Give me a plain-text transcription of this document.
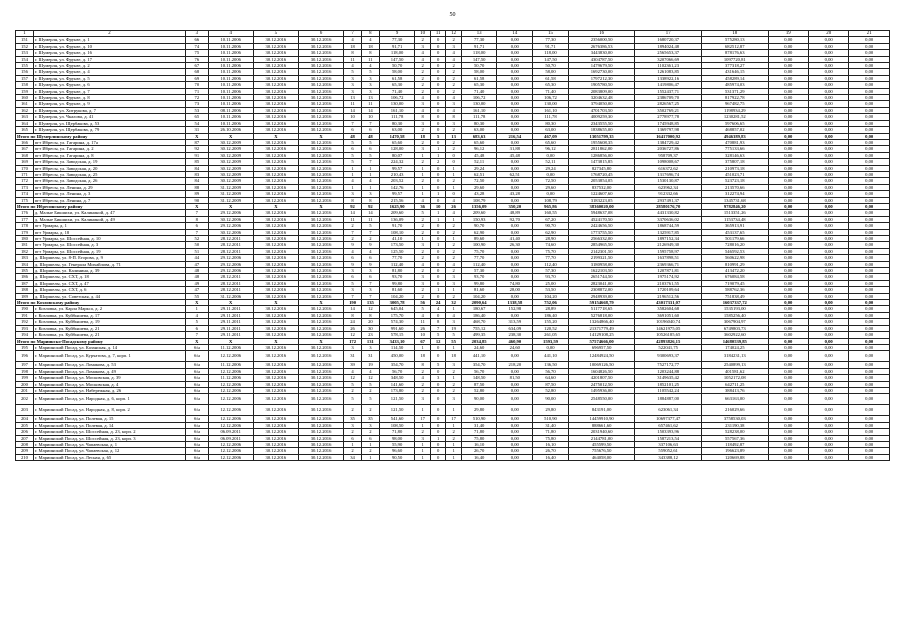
50
1	2	3	4	5	6	7	8	9	10	11	12	13	14	15	16	17	18	19	20	21
151	г. Шумерля, ул. Фрунзе, д. 1	66	10.11.2006	30.12.2016	30.12.2016	4	4	77,30	2	0	2	77,30	0,00	77,30	2356000,50	1680720,37	575280,13	0,00	0,00	0,00
152	г. Шумерля, ул. Фрунзе, д. 10	74	10.11.2006	30.12.2016	30.12.2016	18	18	91,71	3	0	3	91,71	0,00	91,71	2676386,53	1894024,48	682512,87	0,00	0,00	0,00
153	г. Шумерля, ул. Фрунзе, д. 16	75	10.11.2006	30.12.2016	30.12.2016	8	8	118,00	4	0	4	118,00	0,00	118,00	3443830,00	2565653,37	878176,63	0,00	0,00	0,00
154	г. Шумерля, ул. Фрунзе, д. 17	76	10.11.2006	30.12.2016	30.12.2016	11	11	147,50	4	0	4	147,50	0,00	147,50	4304787,50	3207066,69	1097720,81	0,00	0,00	0,00
155	г. Шумерля, ул. Фрунзе, д. 2	67	10.11.2006	30.12.2016	30.12.2016	4	4	50,70	2	0	2	50,70	0,00	50,70	1479679,50	1102361,23	377318,27	0,00	0,00	0,00
156	г. Шумерля, ул. Фрунзе, д. 4	68	10.11.2006	30.12.2016	30.12.2016	5	5	58,00	2	0	2	58,00	0,00	58,00	1692730,00	1261083,85	431646,15	0,00	0,00	0,00
157	г. Шумерля, ул. Фрунзе, д. 5	69	10.11.2006	30.12.2016	30.12.2016	3	3	61,58	2	0	2	61,58	0,00	61,58	1797212,30	1338922,16	458289,14	0,00	0,00	0,00
158	г. Шумерля, ул. Фрунзе, д. 6	70	10.11.2006	30.12.2016	30.12.2016	3	3	65,30	2	0	2	65,30	0,00	65,30	1905780,50	1419806,47	485974,03	0,00	0,00	0,00
159	г. Шумерля, ул. Фрунзе, д. 7	71	10.11.2006	30.12.2016	30.12.2016	3	3	71,40	2	0	2	71,40	0,00	71,40	2083809,00	1552437,71	531371,29	0,00	0,00	0,00
160	г. Шумерля, ул. Фрунзе, д. 8	72	10.11.2006	30.12.2016	30.12.2016	13	13	106,72	4	0	4	106,72	0,00	106,72	3204632,48	2386709,70	817922,78	0,00	0,00	0,00
161	г. Шумерля, ул. Фрунзе, д. 9	73	10.11.2006	30.12.2016	30.12.2016	11	11	130,00	3	0	3	130,00	0,00	130,00	3794050,00	2826567,25	967482,75	0,00	0,00	0,00
162	г. Шумерля, ул. Хитрукова, д. 7	53	08.11.2006	30.12.2016	30.12.2016	14	14	161,10	4	0	4	161,10	0,00	161,10	4701703,50	3502769,21	1198934,29	0,00	0,00	0,00
163	г. Шумерля, ул. Чкалова, д. 41	65	10.11.2006	30.12.2016	30.12.2016	10	10	111,78	8	0	8	111,78	0,00	111,78	4009259,30	2778977,78	1230281,52	0,00	0,00	0,00
164	г. Шумерля, ул. Щербакова, д. 53	54	10.11.2006	30.12.2016	30.12.2016	7	7	80,30	3	0	3	80,30	0,00	80,30	2343555,50	1745948,85	597606,65	0,00	0,00	0,00
165	г. Шумерля, ул. Щербакова, д. 79	31	26.10.2006	30.12.2016	30.12.2016	6	6	63,00	2	0	2	63,00	0,00	63,00	1838655,00	1369797,98	468857,02	0,00	0,00	0,00
Итого по Шумерлинскому району		X	X	X	X	48	48	1470,58	18	5	13	683,63	216,54	467,09	13051799,35	16417000,92	4946389,83	0,00	0,00	0,00
166	пгт Ибресы, ул. Гагарина, д. 17а	87	30.12.2009	30.12.2016	30.12.2016	5	5	65,60	2	0	2	65,60	0,00	65,60	1955608,35	1384729,42	470881,93	0,00	0,00	0,00
167	пгт Ибресы, ул. Гагарина, д. 2	92	30.12.2009	30.12.2016	30.12.2016	6	6	128,00	3	1	2	96,12	31,88	96,12	2811862,00	2036727,86	775133,66	0,00	0,00	0,00
168	пгт Ибресы, ул. Гагарина, д. 8	91	30.12.2009	30.12.2016	30.12.2016	5	5	80,07	1	1	0	45,48	45,48	0,00	1286856,00	958709,37	328146,63	0,00	0,00	0,00
169	пгт Ибресы, ул. Заводская, д. 19	85	30.12.2009	30.12.2016	30.12.2016	5	7	224,32	2	2	0	52,11	0,00	52,11	1473815,85	1098008,67	375807,18	0,00	0,00	0,00
170	пгт Ибресы, ул. Заводская, д. 20	84	30.12.2009	30.12.2016	30.12.2016	1	1	99,57	1	0	1	29,24	0,00	29,24	827345,80	616372,62	210973,18	0,00	0,00	0,00
171	пгт Ибресы, ул. Заводская, д. 25	83	30.12.2009	30.12.2016	30.12.2016	1	1	210,43	1	0	1	62,51	62,51	0,00	1768720,45	1317696,74	451023,71	0,00	0,00	0,00
172	пгт Ибресы, ул. Заводская, д. 26	84	30.12.2009	30.12.2016	30.12.2016	4	4	203,52	2	0	2	72,50	0,00	72,50	2053854,05	1530130,87	523723,18	0,00	0,00	0,00
173	пгт Ибресы, ул. Ленина, д. 29	88	31.12.2009	30.12.2016	30.12.2016	1	1	142,76	1	0	1	29,60	0,00	29,60	837532,00	623962,34	213570,66	0,00	0,00	0,00
174	пгт Ибресы, ул. Ленина, д. 3	89	31.12.2009	30.12.2016	30.12.2016	3	3	99,57	1	1	0	43,28	43,28	0,00	1224607,60	912332,66	312274,94	0,00	0,00	0,00
175	пгт Ибресы, ул. Ленина, д. 7	90	31.12.2009	30.12.2016	30.12.2016	8	8	215,56	4	0	4	108,79	0,00	108,79	3183223,05	2937491,37	1345731,68	0,00	0,00	0,00
Итого по Ибресинскому району		X	X	X	X	92	92	1625,90	36	10	26	1356,09	350,20	965,86	38360020,00	28580176,70	9782846,20	0,00	0,00	0,00
176	д. Малые Бикшихи, ул. Калининой, д. 47	7	29.12.2006	30.12.2016	30.12.2016	14	14	209,60	5	1	4	209,60	48,89	160,55	5948637,08	4431330,82	1513351,26	0,00	0,00	0,00
177	д. Малые Бикшихи, ул. Калининой, д. 49	8	30.12.2006	30.12.2016	30.12.2016	11	11	136,09	2	1	1	150,93	92,70	67,20	4524170,50	3370636,02	1153734,48	0,00	0,00	0,00
178	пгт Урмары, д. 1	6	29.12.2006	30.12.2016	30.12.2016	2	5	91,70	2	0	2	90,70	0,00	90,70	2424656,50	1868744,59	365913,91	0,00	0,00	0,00
179	пгт Урмары, д. 18	7	30.12.2006	30.12.2016	30.12.2016	7	7	108,10	2	0	2	62,90	0,00	62,90	1773755,50	1325917,85	453137,65	0,00	0,00	0,00
180	пгт Урмары, ул. Шоссейная, д. 10	52	28.12.2011	30.12.2016	30.12.2016	2	2	41,10	1	0	1	89,60	41,40	28,90	2566332,00	1897152,34	501179,66	0,00	0,00	0,00
181	пгт Урмары, ул. Шоссейная, д. 3	50	28.12.2011	30.12.2016	30.12.2016	9	9	173,50	3	1	2	100,90	26,30	74,60	2854965,50	2126949,30	728016,20	0,00	0,00	0,00
182	пгт Урмары, ул. Шоссейная, д. 19	51	28.12.2011	30.12.2016	30.12.2016	4	4	125,50	2	0	2	75,70	0,00	75,70	2142301,50	1595758,97	546592,53	0,00	0,00	0,00
183	д. Шоршелы, ул. 8-П. Егорова, д. 9	44	29.12.2006	30.12.2016	30.12.2016	6	6	77,70	2	0	2	77,70	0,00	77,70	2199321,50	1637898,51	560622,98	0,00	0,00	0,00
184	д. Шоршелы, ул. Генерала Михайлова, д. 71	47	29.12.2006	30.12.2016	30.12.2016	9	9	112,40	4	0	4	112,40	0,00	112,40	3180958,00	2369366,71	810991,29	0,00	0,00	0,00
185	д. Шоршелы, ул. Калинина, д. 39	48	29.12.2006	30.12.2016	30.12.2016	3	3	81,80	2	0	2	57,30	0,00	57,30	1622103,50	1207871,81	413472,20	0,00	0,00	0,00
186	д. Шоршелы, ул. СХТ, д. 18	48	28.12.2011	30.12.2016	30.12.2016	6	6	93,70	3	0	3	93,70	0,00	93,70	2651744,50	1975174,92	676084,58	0,00	0,00	0,00
187	д. Шоршелы, ул. СХТ, д. 47	49	28.12.2011	30.12.2016	30.12.2016	5	7	99,80	3	0	3	99,80	74,80	25,00	2823041,00	2103761,55	719079,45	0,00	0,00	0,00
188	д. Шоршелы, ул. СХТ, д. 6	47	28.12.2011	30.12.2016	30.12.2016	3	3	81,60	2	1	1	81,60	28,00	53,50	2308872,00	1720109,64	588762,36	0,00	0,00	0,00
189	д. Шоршелы, ул. Советская, д. 44	55	31.12.2006	30.12.2016	30.12.2016	7	7	104,20	2	0	2	104,20	0,00	104,20	2948939,00	2196512,56	751838,49	0,00	0,00	0,00
Итого по Козловскому району		X	X	X	X	190	135	3005,78	56	24	32	2090,64	1338,58	752,06	59154668,79	43017331,07	16037337,72	0,00	0,00	0,00
190	г. Козловка, ул. Карла Маркса, д. 2	1	29.11.2011	30.12.2016	30.12.2016	14	12	645,04	5	4	1	180,67	152,98	28,89	5117718,65	3582604,68	1535193,00	0,00	0,00	0,00
191	г. Козловка, ул. Куйбышева, д. 17	4	29.11.2011	30.12.2016	30.12.2016	8	8	175,70	4	0	4	186,40	0,00	186,40	5276818,00	3691051,60	1585256,40	0,00	0,00	0,00
192	г. Козловка, ул. Куйбышева, д. 19	5	29.11.2011	30.12.2016	30.12.2016	24	20	574,30	11	8	3	468,70	313,59	155,20	13264866,40	10196040,74	3067904,97	0,00	0,00	0,00
193	г. Козловка, ул. Куйбышева, д. 21	6	29.11.2011	30.12.2016	30.12.2016	26	30	991,60	26	7	19	755,12	634,09	120,52	21371779,49	14621975,05	6749803,73	0,00	0,00	0,00
194	г. Козловка, ул. Куйбышева, д. 21	7	29.11.2011	30.12.2016	30.12.2016	12	23	578,15	10	5	5	499,35	238,30	261,05	14129108,25	10526185,65	3602922,60	0,00	0,00	0,00
Итого по Мариинско-Посадскому району		X	X	X	X	172	131	3433,10	67	12	55	2034,85	460,90	1593,59	57574666,00	42893826,15	14680539,85	0,00	0,00	0,00
195	г. Мариинский Посад, ул. Казанская, д. 14	б/н	11.12.2006	30.12.2016	30.12.2016	3	3	114,50	1	0	1	24,60	24,60	0,00	696957,50	522041,75	174024,25	0,00	0,00	0,00
196	г. Мариинский Посад, ул. Курчатова, д. 7, корп. 1	б/н	12.12.2006	30.12.2016	30.12.2016	31	31	450,00	18	0	18	441,10	0,00	441,10	12484924,50	9300693,37	3184231,13	0,00	0,00	0,00
197	г. Мариинский Посад, ул. Ломакова, д. 53	б/н	11.12.2006	30.12.2016	30.12.2016	39	19	354,70	8	5	3	354,70	218,20	136,50	10069126,50	7527172,77	2540899,13	0,00	0,00	0,00
198	г. Мариинский Посад, ул. Ломакова, д. 49	б/н	12.12.2006	30.12.2016	30.12.2016	4	4	56,70	2	0	2	56,70	0,00	56,70	1604826,50	1203244,88	401581,62	0,00	0,00	0,00
199	г. Мариинский Посад, ул. Московская, д. 39	б/н	11.12.2006	30.12.2016	30.12.2016	12	12	348,50	4	3	1	148,50	81,50	64,60	4201807,50	3149635,42	1052172,08	0,00	0,00	0,00
200	г. Мариинский Посад, ул. Московская, д. 4	б/н	12.12.2006	30.12.2016	30.12.2016	5	5	141,60	2	0	2	87,50	0,00	87,50	2475012,50	1852101,25	642711,25	0,00	0,00	0,00
201	г. Мариинский Посад, ул. Набережная, д. 26	б/н	12.12.2006	30.12.2016	30.12.2016	2	2	173,80	2	0	2	52,80	0,00	52,80	1495936,00	1105542,24	388413,76	0,00	0,00	0,00
202	г. Мариинский Посад, ул. Народная, д. 6, корп. 1	б/н	12.12.2006	30.12.2016	30.12.2016	5	5	121,50	3	0	3	90,00	0,00	90,00	2548550,00	1884887,00	663163,00	0,00	0,00	0,00
203	г. Мариинский Посад, ул. Народная, д. 8, корп. 2	б/н	12.12.2006	30.12.2016	30.12.2016	2	2	121,50	1	0	1	29,80	0,00	29,80	843191,00	623061,34	216029,66	0,00	0,00	0,00
204	г. Мариинский Посад, ул. Полевая, д. 15	б/н	12.12.2006	30.12.2016	30.12.2016	35	35	541,60	17	0	17	510,90	0,00	510,90	14459910,90	10697377,47	3758530,03	0,00	0,00	0,00
205	г. Мариинский Посад, ул. Полевая, д. 14	б/н	12.12.2006	30.12.2016	30.12.2016	3	3	108,50	1	0	1	31,40	0,00	31,40	888661,60	657461,62	231190,38	0,00	0,00	0,00
206	г. Мариинский Посад, ул. Шоссейная, д. 23, корп. 2	б/н	06.09.2011	30.12.2016	30.12.2016	2	2	71,80	2	0	2	71,80	0,00	71,80	2031940,60	1503393,96	528238,00	0,00	0,00	0,00
207	г. Мариинский Посад, ул. Шоссейная, д. 23, корп. 3	б/н	06.09.2011	30.12.2016	30.12.2016	6	6	98,00	3	1	2	75,80	0,00	75,80	2144781,00	1587213,54	557567,36	0,00	0,00	0,00
208	г. Мариинский Посад, ул. Чапаевская, д. 1	б/н	12.12.2006	30.12.2016	30.12.2016	1	1	55,90	1	0	1	16,10	0,00	16,10	455599,50	337106,63	118492,87	0,00	0,00	0,00
209	г. Мариинский Посад, ул. Чапаевская, д. 12	б/н	12.12.2006	30.12.2016	30.12.2016	2	2	96,60	1	0	1	26,70	0,00	26,70	755676,50	559052,61	196623,89	0,00	0,00	0,00
210	г. Мариинский Посад, ул. Лесная, д. 65	б/н	12.12.2006	30.12.2016	30.12.2016	34	1	90,50	1	0	1	16,40	0,00	16,40	464058,00	343388,12	120669,88	0,00	0,00	0,00
